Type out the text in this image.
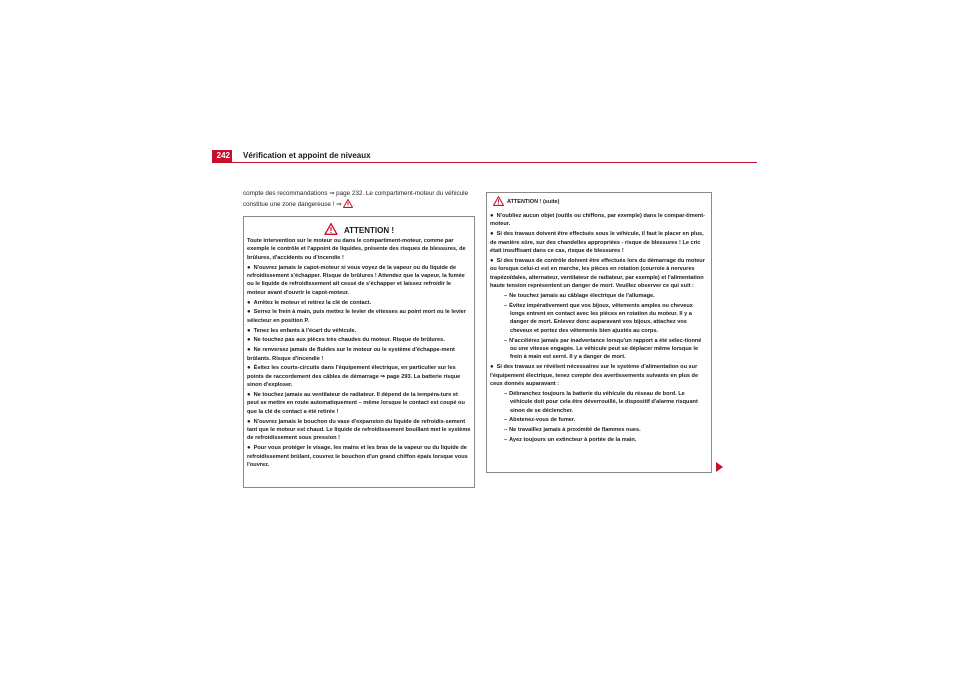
242 Vérification et appoint de niveaux
compte des recommandations ⇒ page 232. Le compartiment-moteur du véhicule constitue une zone dangereuse ! ⇒ .
ATTENTION !

Toute intervention sur le moteur ou dans le compartiment-moteur, comme par exemple le contrôle et l'appoint de liquides, présente des risques de blessures, de brûlures, d'accidents ou d'incendie !

● N'ouvrez jamais le capot-moteur si vous voyez de la vapeur ou du liquide de refroidissement s'échapper. Risque de brûlures ! Attendez que la vapeur, la fumée ou le liquide de refroidissement ait cessé de s'échapper et laissez refroidir le moteur avant d'ouvrir le capot-moteur.

● Arrêtez le moteur et retirez la clé de contact.

● Serrez le frein à main, puis mettez le levier de vitesses au point mort ou le levier sélecteur en position P.

● Tenez les enfants à l'écart du véhicule.

● Ne touchez pas aux pièces très chaudes du moteur. Risque de brûlures.

● Ne renversez jamais de fluides sur le moteur ou le système d'échappe-ment brûlants. Risque d'incendie !

● Évitez les courts-circuits dans l'équipement électrique, en particulier sur les points de raccordement des câbles de démarrage ⇒ page 293. La batterie risque sinon d'exploser.

● Ne touchez jamais au ventilateur de radiateur. Il dépend de la tempéra-ture et peut se mettre en route automatiquement – même lorsque le contact est coupé ou que la clé de contact a été retirée !

● N'ouvrez jamais le bouchon du vase d'expansion du liquide de refroidis-sement tant que le moteur est chaud. Le liquide de refroidissement bouillant met le système de refroidissement sous pression !

● Pour vous protéger le visage, les mains et les bras de la vapeur ou du liquide de refroidissement brûlant, couvrez le bouchon d'un grand chiffon épais lorsque vous l'ouvrez.

ATTENTION ! (suite)

● N'oubliez aucun objet (outils ou chiffons, par exemple) dans le compar-timent-moteur.

● Si des travaux doivent être effectués sous le véhicule, il faut le placer en plus, de manière sûre, sur des chandelles appropriées - risque de blessures ! Le cric était insuffisant dans ce cas, risque de blessures !

● Si des travaux de contrôle doivent être effectués lors du démarrage du moteur ou lorsque celui-ci est en marche, les pièces en rotation (courroie à nervures trapézoïdales, alternateur, ventilateur de radiateur, par exemple) et l'alimentation haute tension représentent un danger de mort. Veuillez observer ce qui suit :

– Ne touchez jamais au câblage électrique de l'allumage.

– Évitez impérativement que vos bijoux, vêtements amples ou cheveux longs entrent en contact avec les pièces en rotation du moteur. Il y a danger de mort. Enlevez donc auparavant vos bijoux, attachez vos cheveux et portez des vêtements bien ajustés au corps.

– N'accélérez jamais par inadvertance lorsqu'un rapport a été sélec-tionné ou une vitesse engagée. Le véhicule peut se déplacer même lorsque le frein à main est serré. Il y a danger de mort.

● Si des travaux se révèlent nécessaires sur le système d'alimentation ou sur l'équipement électrique, tenez compte des avertissements suivants en plus de ceux donnés auparavant :

– Débranchez toujours la batterie du véhicule du réseau de bord. Le véhicule doit pour cela être déverrouillé, le dispositif d'alarme risquant sinon de se déclencher.

– Abstenez-vous de fumer.

– Ne travaillez jamais à proximité de flammes nues.

– Ayez toujours un extincteur à portée de la main.
